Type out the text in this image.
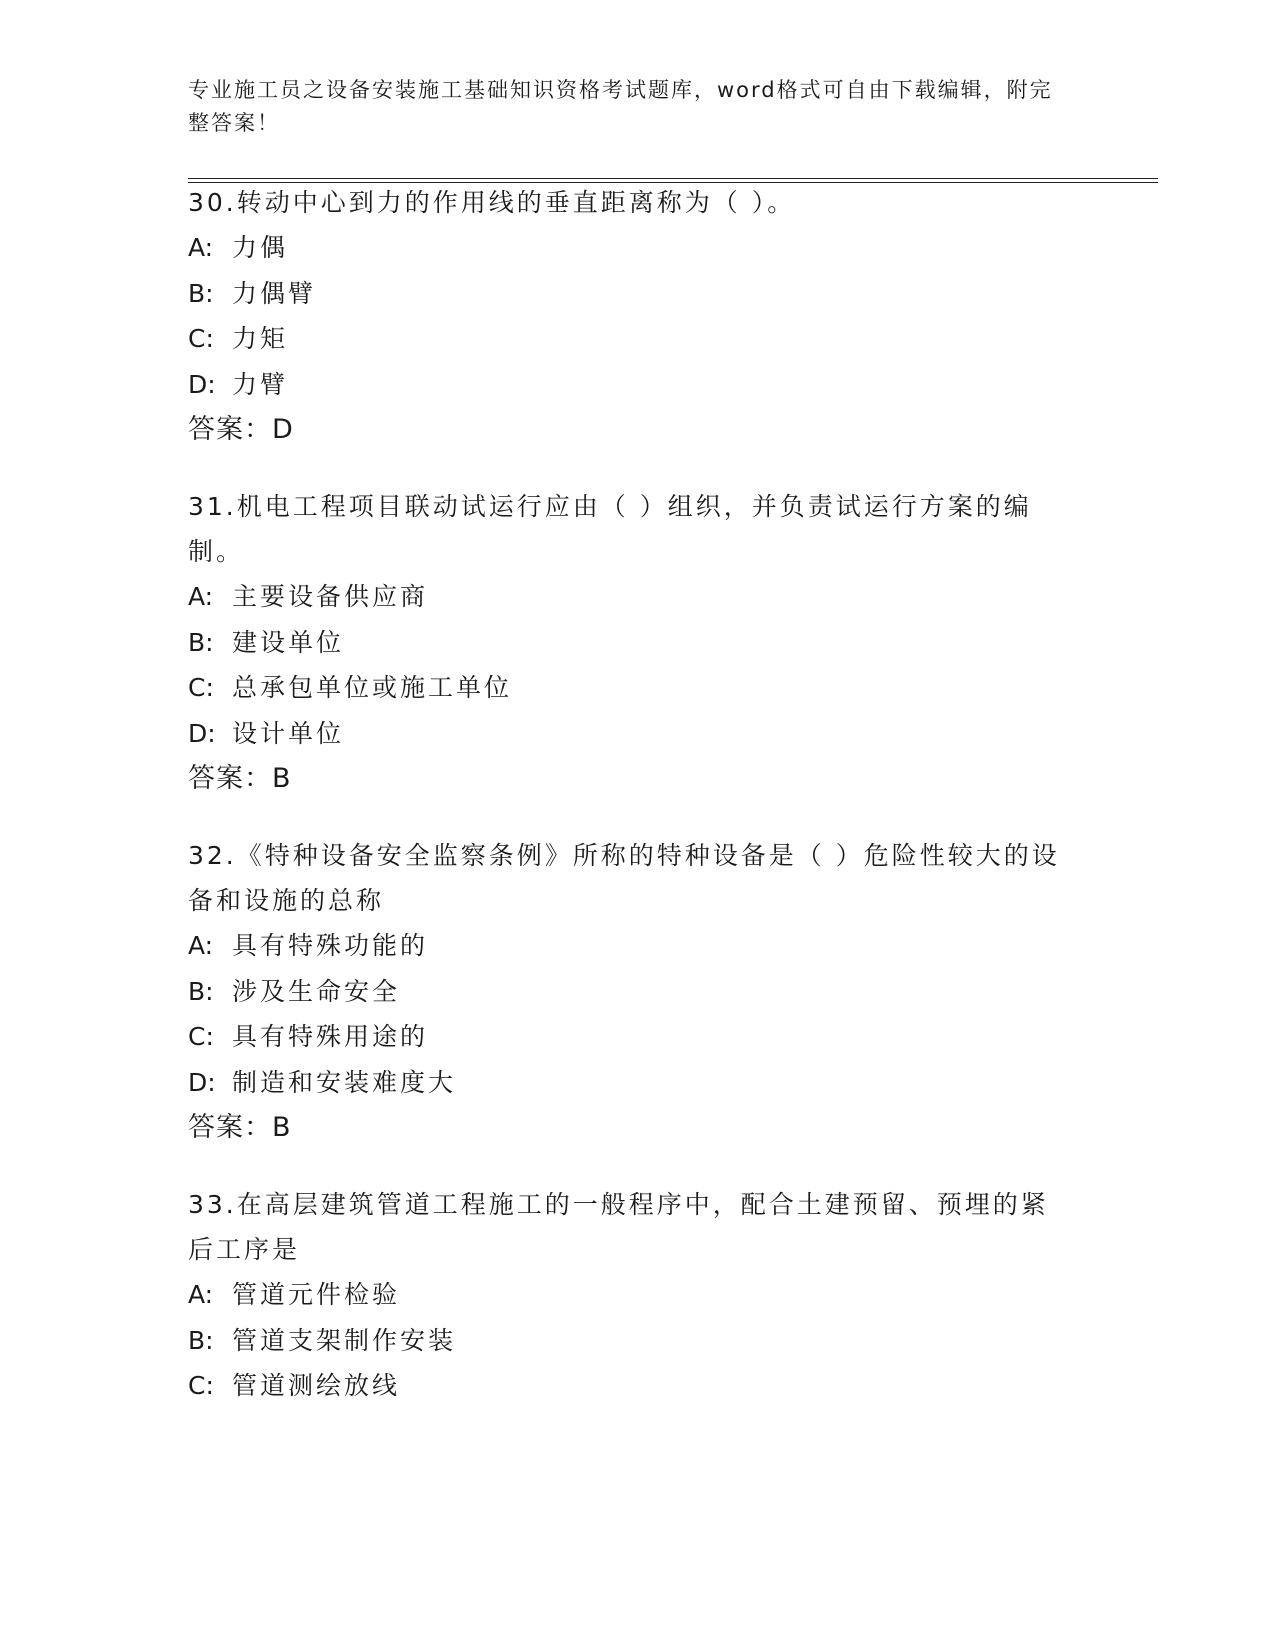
专业施工员之设备安装施工基础知识资格考试题库，word格式可自由下载编辑，附完整答案！

30.转动中心到力的作用线的垂直距离称为（ ）。

A: 力偶

B: 力偶臂

C: 力矩

D: 力臂

答案：D

31.机电工程项目联动试运行应由（ ）组织，并负责试运行方案的编制。

A: 主要设备供应商

B: 建设单位

C: 总承包单位或施工单位

D: 设计单位

答案：B

32.《特种设备安全监察条例》所称的特种设备是（ ）危险性较大的设备和设施的总称

A: 具有特殊功能的

B: 涉及生命安全

C: 具有特殊用途的

D: 制造和安装难度大

答案：B

33.在高层建筑管道工程施工的一般程序中，配合土建预留、预埋的紧后工序是

A: 管道元件检验

B: 管道支架制作安装

C: 管道测绘放线
